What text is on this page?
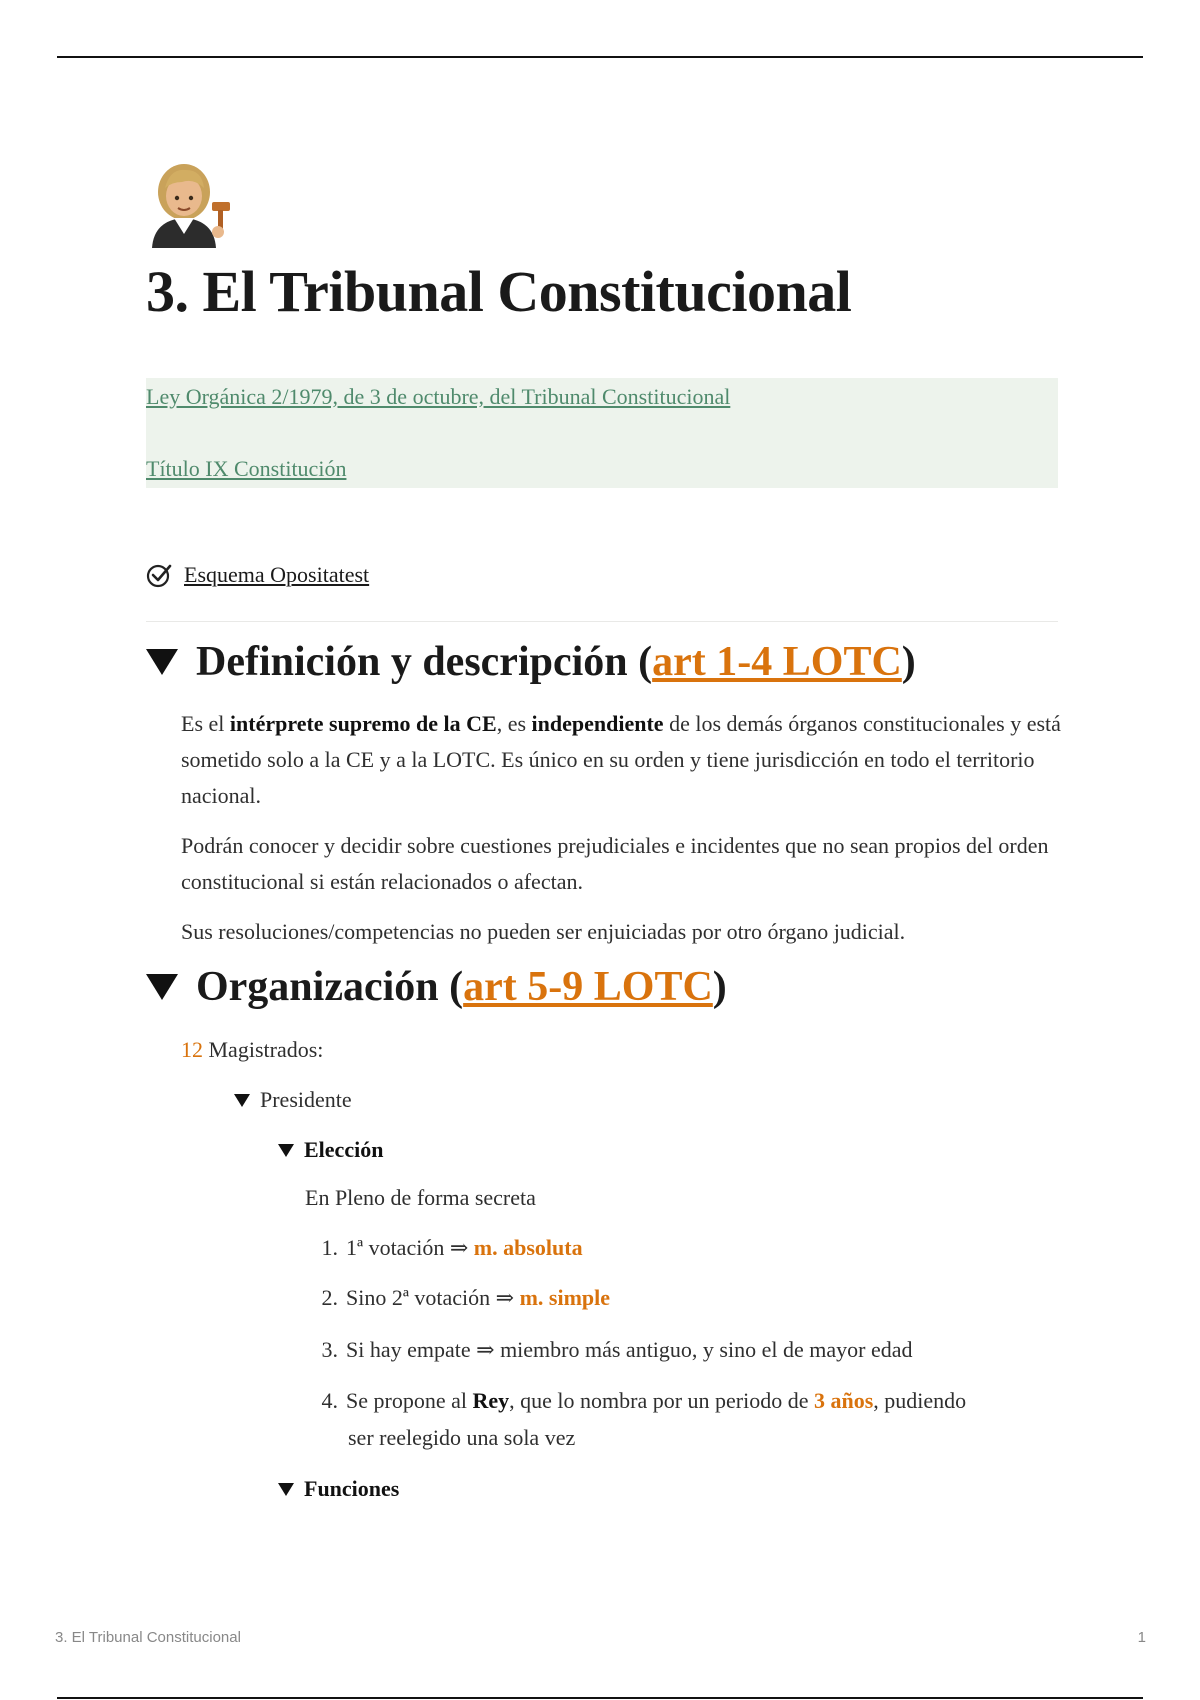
3. El Tribunal Constitucional
Ley Orgánica 2/1979, de 3 de octubre, del Tribunal Constitucional
Título IX Constitución
Esquema Opositatest
Definición y descripción ( art 1-4 LOTC )
Es el intérprete supremo de la CE, es independiente de los demás órganos constitucionales y está sometido solo a la CE y a la LOTC. Es único en su orden y tiene jurisdicción en todo el territorio nacional.
Podrán conocer y decidir sobre cuestiones prejudiciales e incidentes que no sean propios del orden constitucional si están relacionados o afectan.
Sus resoluciones/competencias no pueden ser enjuiciadas por otro órgano judicial.
Organización ( art 5-9 LOTC )
12 Magistrados:
Presidente
Elección
En Pleno de forma secreta
1. 1ª votación ⇒ m. absoluta
2. Sino 2ª votación ⇒ m. simple
3. Si hay empate ⇒ miembro más antiguo, y sino el de mayor edad
4. Se propone al Rey , que lo nombra por un periodo de 3 años , pudiendo
ser reelegido una sola vez
Funciones
3. El Tribunal Constitucional	1
